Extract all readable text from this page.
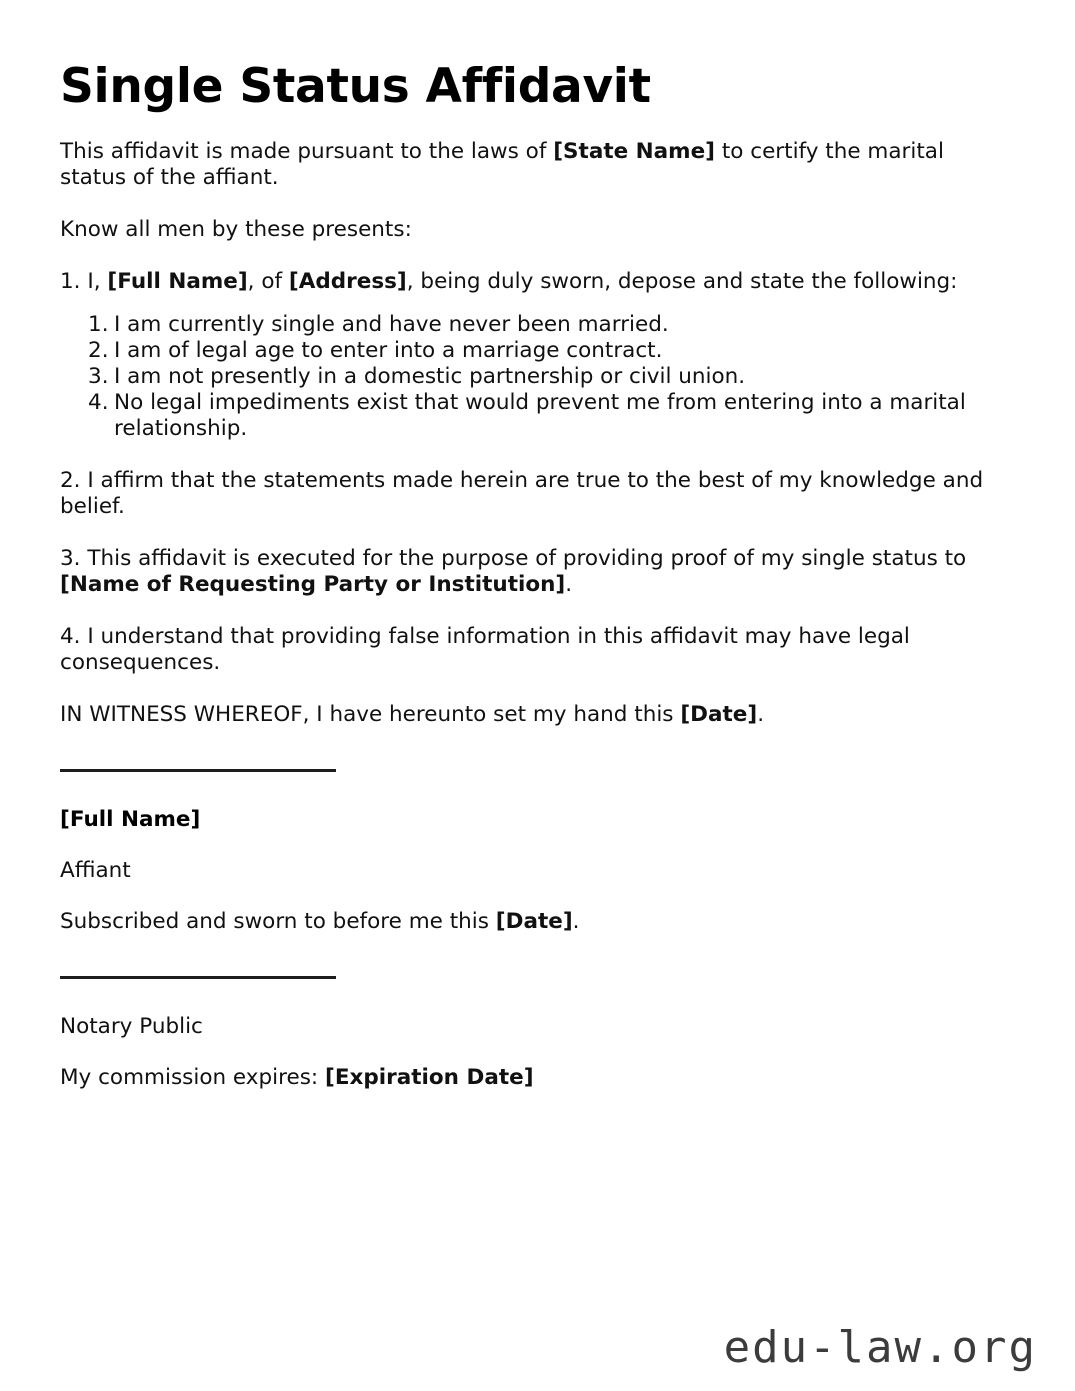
Single Status Affidavit

This affidavit is made pursuant to the laws of [State Name] to certify the marital status of the affiant.

Know all men by these presents:

1. I, [Full Name], of [Address], being duly sworn, depose and state the following:

I am currently single and have never been married.
I am of legal age to enter into a marriage contract.
I am not presently in a domestic partnership or civil union.
No legal impediments exist that would prevent me from entering into a marital relationship.

2. I affirm that the statements made herein are true to the best of my knowledge and belief.

3. This affidavit is executed for the purpose of providing proof of my single status to [Name of Requesting Party or Institution].

4. I understand that providing false information in this affidavit may have legal consequences.

IN WITNESS WHEREOF, I have hereunto set my hand this [Date].

[Full Name]

Affiant

Subscribed and sworn to before me this [Date].

Notary Public

My commission expires: [Expiration Date]

edu-law.org
